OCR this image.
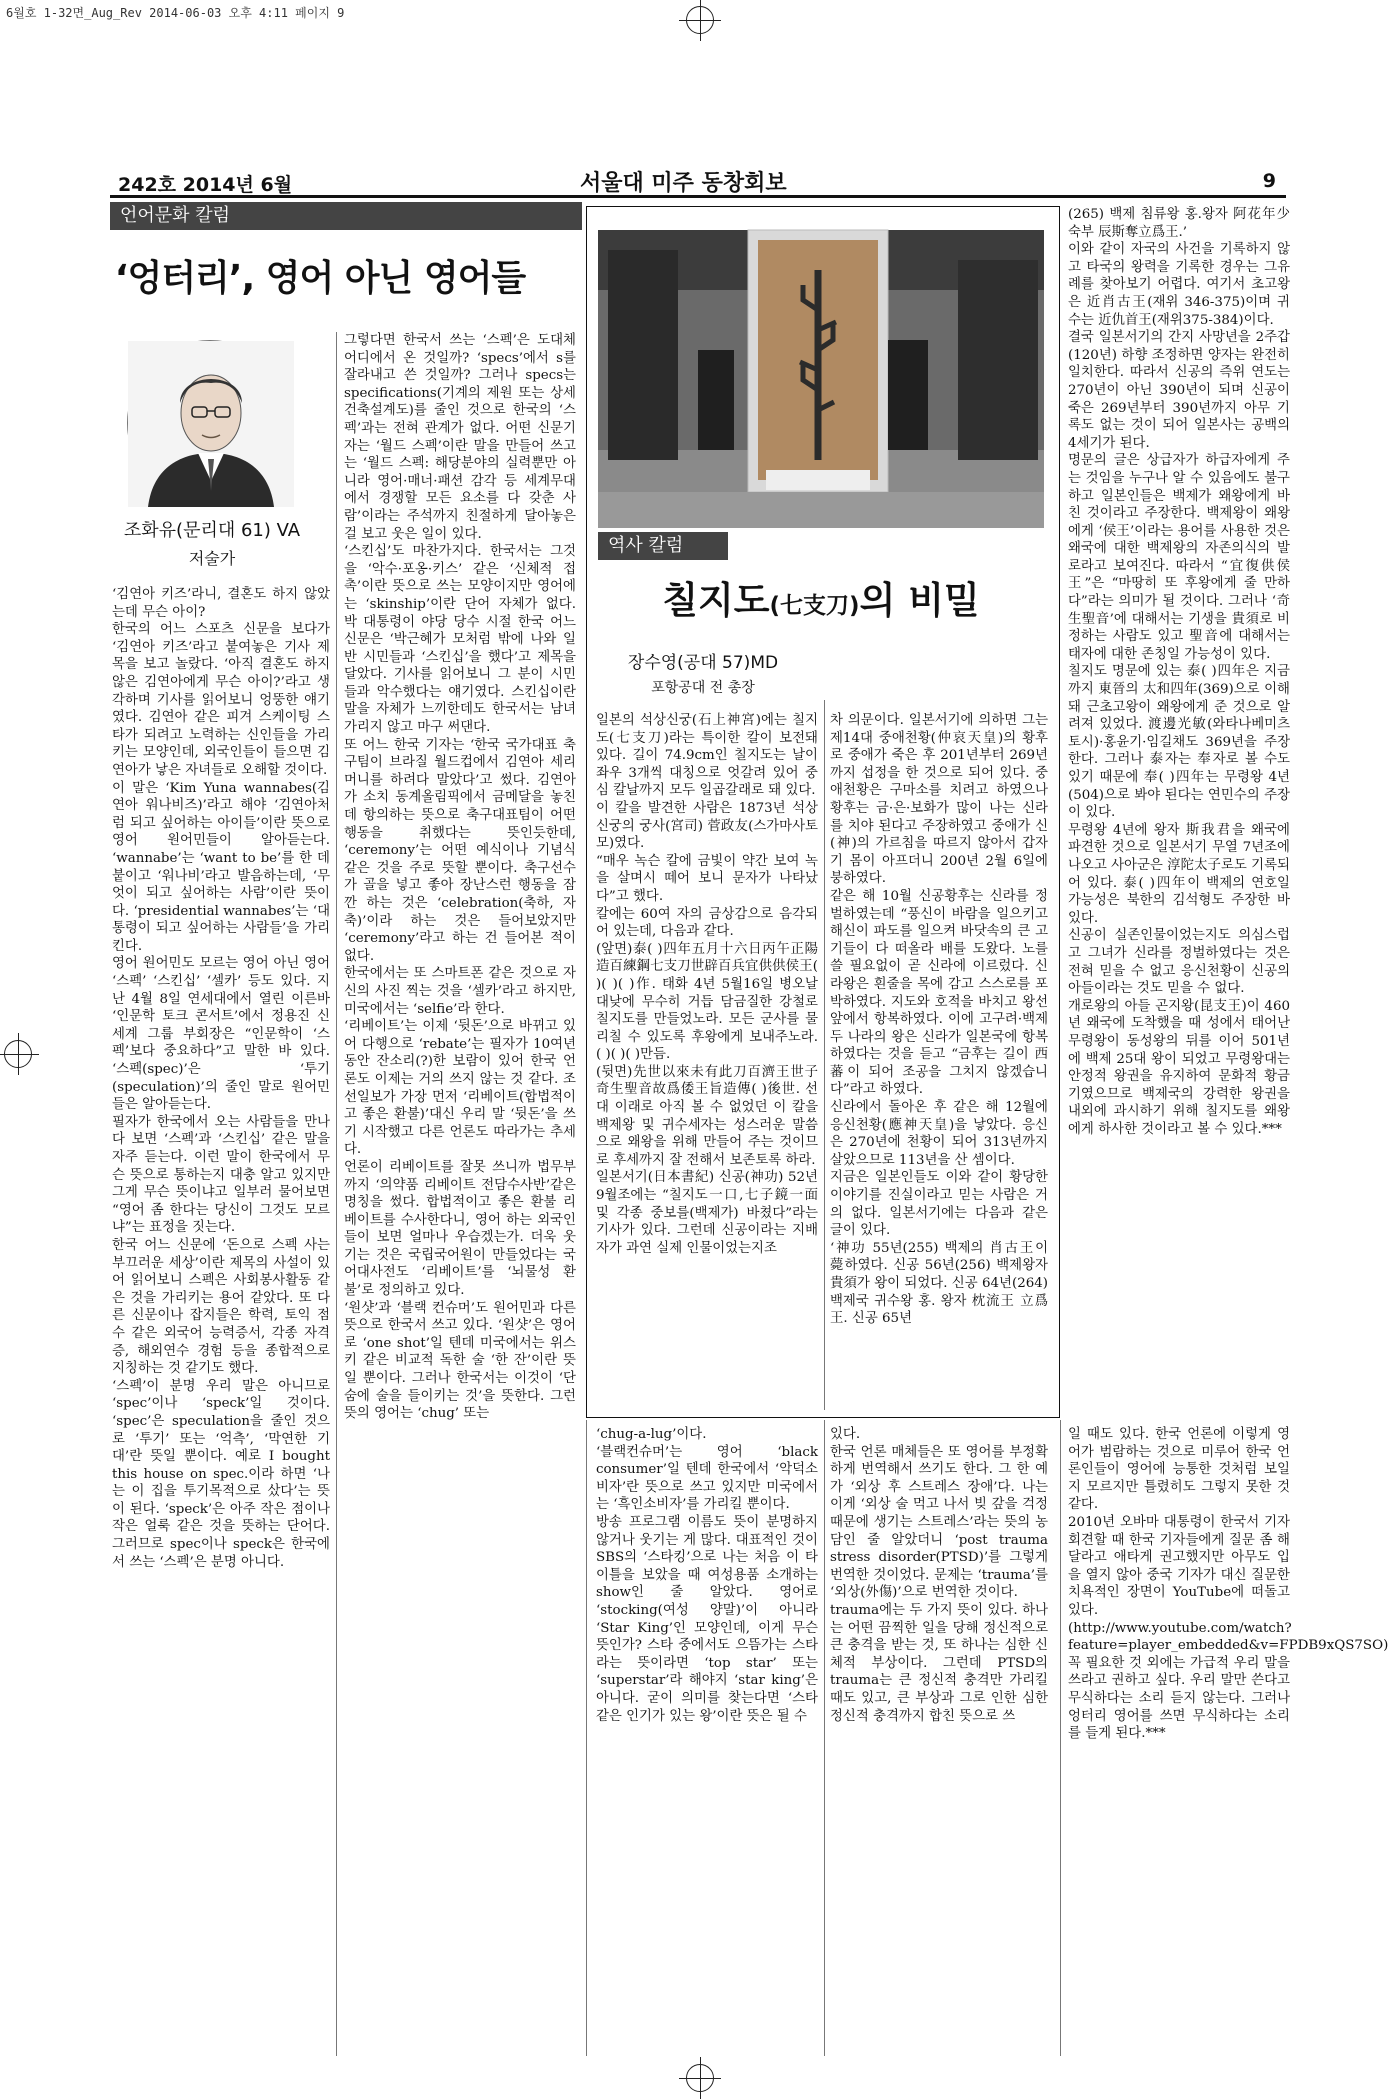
6월호 1-32면_Aug_Rev 2014-06-03 오후 4:11 페이지 9
242호 2014년 6월	서울대 미주 동창회보	9
언어문화 칼럼
‘엉터리’, 영어 아닌 영어들
조화유(문리대 61) VA
저술가
‘김연아 키즈’라니, 결혼도 하지 않았는데 무슨 아이?
한국의 어느 스포츠 신문을 보다가 ‘김연아 키즈’라고 붙여놓은 기사 제목을 보고 놀랐다. ‘아직 결혼도 하지 않은 김연아에게 무슨 아이?’라고 생각하며 기사를 읽어보니 엉뚱한 얘기였다. 김연아 같은 피겨 스케이팅 스타가 되려고 노력하는 신인들을 가리키는 모양인데, 외국인들이 들으면 김연아가 낳은 자녀들로 오해할 것이다.
이 말은 ‘Kim Yuna wannabes(김연아 워나비즈)’라고 해야 ‘김연아처럼 되고 싶어하는 아이들’이란 뜻으로 영어 원어민들이 알아듣는다. ‘wannabe’는 ‘want to be’를 한 데 붙이고 ‘워나비’라고 발음하는데, ‘무엇이 되고 싶어하는 사람’이란 뜻이다. ‘presidential wannabes’는 ‘대통령이 되고 싶어하는 사람들’을 가리킨다.
영어 원어민도 모르는 영어 아닌 영어 ‘스펙’ ‘스킨십’ ‘셀카’ 등도 있다. 지난 4월 8일 연세대에서 열린 이른바 ‘인문학 토크 콘서트’에서 정용진 신세계 그룹 부회장은 “인문학이 ‘스펙’보다 중요하다”고 말한 바 있다. ‘스펙(spec)’은 ‘투기(speculation)’의 줄인 말로 원어민들은 알아듣는다.
필자가 한국에서 오는 사람들을 만나다 보면 ‘스펙’과 ‘스킨십’ 같은 말을 자주 듣는다. 이런 말이 한국에서 무슨 뜻으로 통하는지 대충 알고 있지만 그게 무슨 뜻이냐고 일부러 물어보면 “영어 좀 한다는 당신이 그것도 모르냐”는 표정을 짓는다.
한국 어느 신문에 ‘돈으로 스펙 사는 부끄러운 세상’이란 제목의 사설이 있어 읽어보니 스펙은 사회봉사활동 같은 것을 가리키는 용어 같았다. 또 다른 신문이나 잡지들은 학력, 토익 점수 같은 외국어 능력증서, 각종 자격증, 해외연수 경험 등을 종합적으로 지칭하는 것 같기도 했다.
‘스펙’이 분명 우리 말은 아니므로 ‘spec’이나 ‘speck’일 것이다. ‘spec’은 speculation을 줄인 것으로 ‘투기’ 또는 ‘억측’, ‘막연한 기대’란 뜻일 뿐이다. 예로 I bought this house on spec.이라 하면 ‘나는 이 집을 투기목적으로 샀다’는 뜻이 된다. ‘speck’은 아주 작은 점이나 작은 얼룩 같은 것을 뜻하는 단어다. 그러므로 spec이나 speck은 한국에서 쓰는 ‘스펙’은 분명 아니다.
그렇다면 한국서 쓰는 ‘스펙’은 도대체 어디에서 온 것일까? ‘specs’에서 s를 잘라내고 쓴 것일까? 그러나 specs는 specifications(기계의 제원 또는 상세 건축설계도)를 줄인 것으로 한국의 ‘스펙’과는 전혀 관계가 없다. 어떤 신문기자는 ‘월드 스펙’이란 말을 만들어 쓰고는 ‘월드 스펙: 해당분야의 실력뿐만 아니라 영어·매너·패션 감각 등 세계무대에서 경쟁할 모든 요소를 다 갖춘 사람’이라는 주석까지 친절하게 달아놓은 걸 보고 웃은 일이 있다.
‘스킨십’도 마찬가지다. 한국서는 그것을 ‘악수·포옹·키스’ 같은 ‘신체적 접촉’이란 뜻으로 쓰는 모양이지만 영어에는 ‘skinship’이란 단어 자체가 없다. 박 대통령이 야당 당수 시절 한국 어느 신문은 ‘박근혜가 모처럼 밖에 나와 일반 시민들과 ‘스킨십’을 했다’고 제목을 달았다. 기사를 읽어보니 그 분이 시민들과 악수했다는 얘기였다. 스킨십이란 말을 자체가 느끼한데도 한국서는 남녀 가리지 않고 마구 써댄다.
또 어느 한국 기자는 ‘한국 국가대표 축구팀이 브라질 월드컵에서 김연아 세리머니를 하려다 말았다’고 썼다. 김연아가 소치 동계올림픽에서 금메달을 놓친데 항의하는 뜻으로 축구대표팀이 어떤 행동을 취했다는 뜻인듯한데, ‘ceremony’는 어떤 예식이나 기념식 같은 것을 주로 뜻할 뿐이다. 축구선수가 골을 넣고 좋아 장난스런 행동을 잠깐 하는 것은 ‘celebration(축하, 자축)’이라 하는 것은 들어보았지만 ‘ceremony’라고 하는 건 들어본 적이 없다.
한국에서는 또 스마트폰 같은 것으로 자신의 사진 찍는 것을 ‘셀카’라고 하지만, 미국에서는 ‘selfie’라 한다.
‘리베이트’는 이제 ‘뒷돈’으로 바뀌고 있어 다행으로 ‘rebate’는 필자가 10여년 동안 잔소리(?)한 보람이 있어 한국 언론도 이제는 거의 쓰지 않는 것 같다. 조선일보가 가장 먼저 ‘리베이트(합법적이고 좋은 환불)’대신 우리 말 ‘뒷돈’을 쓰기 시작했고 다른 언론도 따라가는 추세다.
언론이 리베이트를 잘못 쓰니까 법무부까지 ‘의약품 리베이트 전담수사반’같은 명칭을 썼다. 합법적이고 좋은 환불 리베이트를 수사한다니, 영어 하는 외국인들이 보면 얼마나 우습겠는가. 더욱 웃기는 것은 국립국어원이 만들었다는 국어대사전도 ‘리베이트’를 ‘뇌물성 환불’로 정의하고 있다.
‘원샷’과 ‘블랙 컨슈머’도 원어민과 다른 뜻으로 한국서 쓰고 있다. ‘원샷’은 영어로 ‘one shot’일 텐데 미국에서는 위스키 같은 비교적 독한 술 ‘한 잔’이란 뜻일 뿐이다. 그러나 한국서는 이것이 ‘단숨에 술을 들이키는 것’을 뜻한다. 그런 뜻의 영어는 ‘chug’ 또는
‘chug-a-lug’이다.
‘블랙컨슈머’는 영어 ‘black consumer’일 텐데 한국에서 ‘악덕소비자’란 뜻으로 쓰고 있지만 미국에서는 ‘흑인소비자’를 가리킬 뿐이다.
방송 프로그램 이름도 뜻이 분명하지 않거나 웃기는 게 많다. 대표적인 것이 SBS의 ‘스타킹’으로 나는 처음 이 타이틀을 보았을 때 여성용품 소개하는 show인 줄 알았다. 영어로 ‘stocking(여성 양말)’이 아니라 ‘Star King’인 모양인데, 이게 무슨 뜻인가? 스타 중에서도 으뜸가는 스타라는 뜻이라면 ‘top star’ 또는 ‘superstar’라 해야지 ‘star king’은 아니다. 굳이 의미를 찾는다면 ‘스타 같은 인기가 있는 왕’이란 뜻은 될 수
있다.
한국 언론 매체들은 또 영어를 부정확하게 번역해서 쓰기도 한다. 그 한 예가 ‘외상 후 스트레스 장애’다. 나는 이게 ‘외상 술 먹고 나서 빚 갚을 걱정 때문에 생기는 스트레스’라는 뜻의 농담인 줄 알았더니 ‘post trauma stress disorder(PTSD)’를 그렇게 번역한 것이었다. 문제는 ‘trauma’를 ‘외상(外傷)’으로 번역한 것이다.
trauma에는 두 가지 뜻이 있다. 하나는 어떤 끔찍한 일을 당해 정신적으로 큰 충격을 받는 것, 또 하나는 심한 신체적 부상이다. 그런데 PTSD의 trauma는 큰 정신적 충격만 가리킬 때도 있고, 큰 부상과 그로 인한 심한 정신적 충격까지 합친 뜻으로 쓰
일 때도 있다. 한국 언론에 이렇게 영어가 범람하는 것으로 미루어 한국 언론인들이 영어에 능통한 것처럼 보일지 모르지만 틀렸히도 그렇지 못한 것 같다.
2010년 오바마 대통령이 한국서 기자회견할 때 한국 기자들에게 질문 좀 해달라고 애타게 권고했지만 아무도 입을 열지 않아 중국 기자가 대신 질문한 치욕적인 장면이 YouTube에 떠돌고 있다.(http://www.youtube.com/watch?feature=player_embedded&v=FPDB9xQS7SO)
꼭 필요한 것 외에는 가급적 우리 말을 쓰라고 권하고 싶다. 우리 말만 쓴다고 무식하다는 소리 듣지 않는다. 그러나 엉터리 영어를 쓰면 무식하다는 소리를 들게 된다.***
역사 칼럼
칠지도(七支刀)의 비밀
장수영(공대 57)MD
포항공대 전 총장
일본의 석상신궁(石上神宮)에는 칠지도(七支刀)라는 특이한 칼이 보전돼 있다. 길이 74.9cm인 칠지도는 날이 좌우 3개씩 대칭으로 엇갈려 있어 중심 칼날까지 모두 일곱갈래로 돼 있다.
이 칼을 발견한 사람은 1873년 석상신궁의 궁사(宮司) 菅政友(스가마사토모)였다.
“매우 녹슨 칼에 금빛이 약간 보여 녹을 살며시 떼어 보니 문자가 나타났다”고 했다.
칼에는 60여 자의 금상감으로 음각되어 있는데, 다음과 같다.
(앞면)泰( )四年五月十六日丙午正陽造百練鋼七支刀世辟百兵宜供供侯王( )( )( )作. 태화 4년 5월16일 병오날 대낮에 무수히 거듭 담금질한 강철로 칠지도를 만들었노라. 모든 군사를 물리칠 수 있도록 후왕에게 보내주노라. ( )( )( )만듬.
(뒷면)先世以來未有此刀百濟王世子奇生聖音故爲倭王旨造傳( )後世. 선대 이래로 아직 볼 수 없었던 이 칼을 백제왕 및 귀수세자는 성스러운 말씀으로 왜왕을 위해 만들어 주는 것이므로 후세까지 잘 전해서 보존토록 하라.
일본서기(日本書紀) 신공(神功) 52년 9월조에는 “칠지도一口,七子鏡一面 및 각종 중보를(백제가) 바쳤다”라는 기사가 있다. 그런데 신공이라는 지배자가 과연 실제 인물이었는지조
차 의문이다. 일본서기에 의하면 그는제14대 중애천황(仲哀天皇)의 황후로 중애가 죽은 후 201년부터 269년까지 섭정을 한 것으로 되어 있다. 중애천황은 구마소를 치려고 하였으나 황후는 금·은·보화가 많이 나는 신라를 치야 된다고 주장하였고 중애가 신(神)의 가르침을 따르지 않아서 갑자기 몸이 아프더니 200년 2월 6일에 붕하였다.
같은 해 10월 신공황후는 신라를 정벌하였는데 “풍신이 바람을 일으키고 해신이 파도를 일으켜 바닷속의 큰 고기들이 다 떠올라 배를 도왔다. 노를 쓸 필요없이 곧 신라에 이르렀다. 신라왕은 흰줄을 목에 감고 스스로를 포박하였다. 지도와 호적을 바치고 왕선 앞에서 항복하였다. 이에 고구려·백제 두 나라의 왕은 신라가 일본국에 항복하였다는 것을 듣고 “금후는 길이 西蕃이 되어 조공을 그치지 않겠습니다”라고 하였다.
신라에서 돌아온 후 같은 해 12월에 응신천황(應神天皇)을 낳았다. 응신은 270년에 천황이 되어 313년까지 살았으므로 113년을 산 셈이다.
지금은 일본인들도 이와 같이 황당한 이야기를 진실이라고 믿는 사람은 거의 없다. 일본서기에는 다음과 같은 글이 있다.
‘神功 55년(255) 백제의 肖古王이 薨하였다. 신공 56년(256) 백제왕자 貴須가 왕이 되었다. 신공 64년(264) 백제국 귀수왕 홍. 왕자 枕流王 立爲王. 신공 65년
(265) 백제 침류왕 홍.왕자 阿花年少 숙부 辰斯奪立爲王.’
이와 같이 자국의 사건을 기록하지 않고 타국의 왕력을 기록한 경우는 그유례를 찾아보기 어렵다. 여기서 초고왕은 近肖古王(재위 346-375)이며 귀수는 近仇首王(재위375-384)이다.
결국 일본서기의 간지 사망년을 2주갑(120년) 하향 조정하면 양자는 완전히 일치한다. 따라서 신공의 즉위 연도는 270년이 아닌 390년이 되며 신공이 죽은 269년부터 390년까지 아무 기록도 없는 것이 되어 일본사는 공백의 4세기가 된다.
명문의 글은 상급자가 하급자에게 주는 것임을 누구나 알 수 있음에도 불구하고 일본인들은 백제가 왜왕에게 바친 것이라고 주장한다. 백제왕이 왜왕에게 ‘侯王’이라는 용어를 사용한 것은 왜국에 대한 백제왕의 자존의식의 발로라고 보여진다. 따라서 “宜復供侯王”은 “마땅히 또 후왕에게 줄 만하다”라는 의미가 될 것이다. 그러나 ‘奇生聖音’에 대해서는 기생을 貴須로 비정하는 사람도 있고 聖音에 대해서는 태자에 대한 존칭일 가능성이 있다.
칠지도 명문에 있는 泰( )四年은 지금까지 東晉의 太和四年(369)으로 이해돼 근초고왕이 왜왕에게 준 것으로 알려져 있었다. 渡邊光敏(와타나베미츠토시)·홍윤기·임길채도 369년을 주장한다. 그러나 泰자는 奉자로 볼 수도 있기 때문에 奉( )四年는 무령왕 4년(504)으로 봐야 된다는 연민수의 주장이 있다.
무령왕 4년에 왕자 斯我君을 왜국에 파견한 것으로 일본서기 무열 7년조에 나오고 사아군은 淳陀太子로도 기록되어 있다. 泰( )四年이 백제의 연호일 가능성은 북한의 김석형도 주장한 바 있다.
신공이 실존인물이었는지도 의심스럽고 그녀가 신라를 정벌하였다는 것은 전혀 믿을 수 없고 응신천황이 신공의 아들이라는 것도 믿을 수 없다.
개로왕의 아들 곤지왕(昆支王)이 460년 왜국에 도착했을 때 성에서 태어난 무령왕이 동성왕의 뒤를 이어 501년에 백제 25대 왕이 되었고 무령왕대는 안정적 왕권을 유지하여 문화적 황금기였으므로 백제국의 강력한 왕권을 내외에 과시하기 위해 칠지도를 왜왕에게 하사한 것이라고 볼 수 있다.***
